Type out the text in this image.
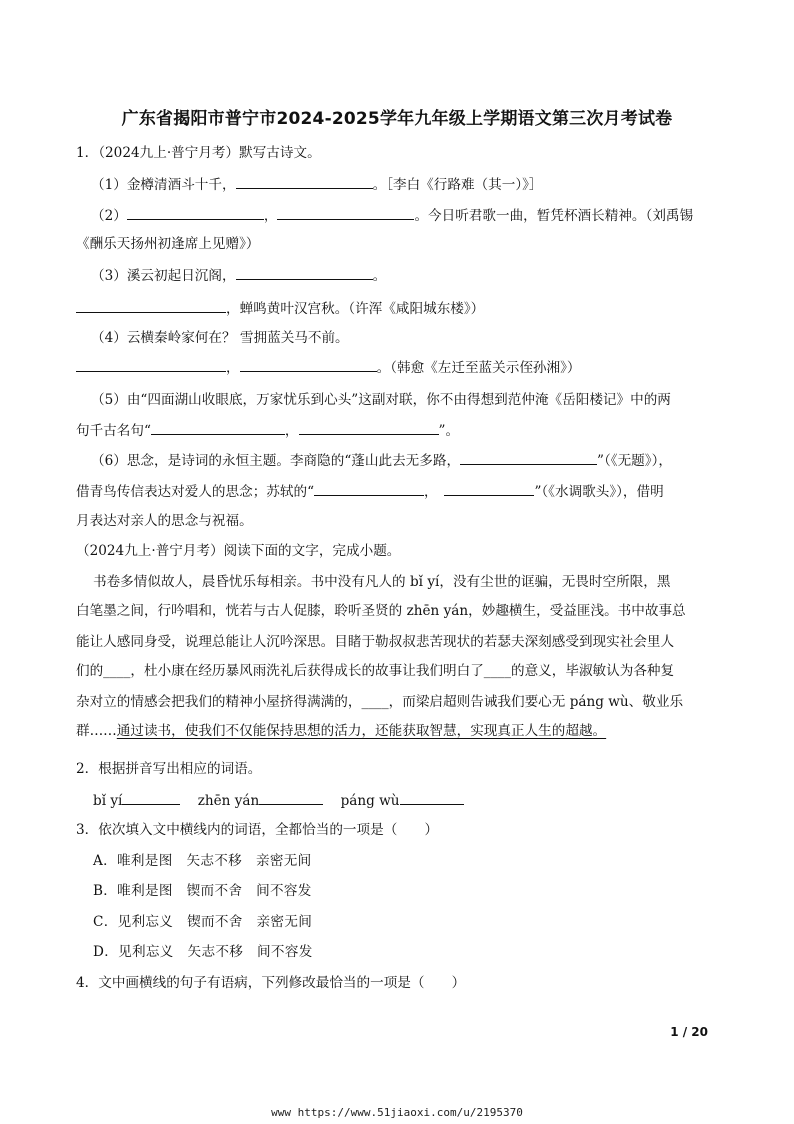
广东省揭阳市普宁市2024-2025学年九年级上学期语文第三次月考试卷
1．（2024九上·普宁月考）默写古诗文。
（1）金樽清酒斗十千，	。［李白《行路难（其一）》］
（2）	，	。今日听君歌一曲，暂凭杯酒长精神。（刘禹锡
《酬乐天扬州初逢席上见赠》）
（3）溪云初起日沉阁，	。
，蝉鸣黄叶汉宫秋。（许浑《咸阳城东楼》）
（4）云横秦岭家何在？ 雪拥蓝关马不前。
，	。（韩愈《左迁至蓝关示侄孙湘》）
（5）由“四面湖山收眼底，万家忧乐到心头”这副对联，你不由得想到范仲淹《岳阳楼记》中的两
句千古名句“	，	”。
（6）思念，是诗词的永恒主题。李商隐的“蓬山此去无多路，	”（《无题》），
借青鸟传信表达对爱人的思念；苏轼的“	，　	”（《水调歌头》），借明
月表达对亲人的思念与祝福。
（2024九上·普宁月考）阅读下面的文字，完成小题。
书卷多情似故人，晨昏忧乐每相亲。书中没有凡人的 bǐ yí，没有尘世的诓骗，无畏时空所限，黑
白笔墨之间，行吟唱和，恍若与古人促膝，聆听圣贤的 zhēn yán，妙趣横生，受益匪浅。书中故事总
能让人感同身受，说理总能让人沉吟深思。目睹于勒叔叔悲苦现状的若瑟夫深刻感受到现实社会里人
们的____，杜小康在经历暴风雨洗礼后获得成长的故事让我们明白了____的意义，毕淑敏认为各种复
杂对立的情感会把我们的精神小屋挤得满满的，____，而梁启超则告诫我们要心无 páng wù、敬业乐
群……通过读书，使我们不仅能保持思想的活力，还能获取智慧，实现真正人生的超越。
2．根据拼音写出相应的词语。
bǐ yí	zhēn yán	páng wù
3．依次填入文中横线内的词语，全都恰当的一项是（　　）
A．唯利是图　矢志不移　亲密无间
B．唯利是图　锲而不舍　间不容发
C．见利忘义　锲而不舍　亲密无间
D．见利忘义　矢志不移　间不容发
4．文中画横线的句子有语病，下列修改最恰当的一项是（　　）
1 / 20
www https://www.51jiaoxi.com/u/2195370
